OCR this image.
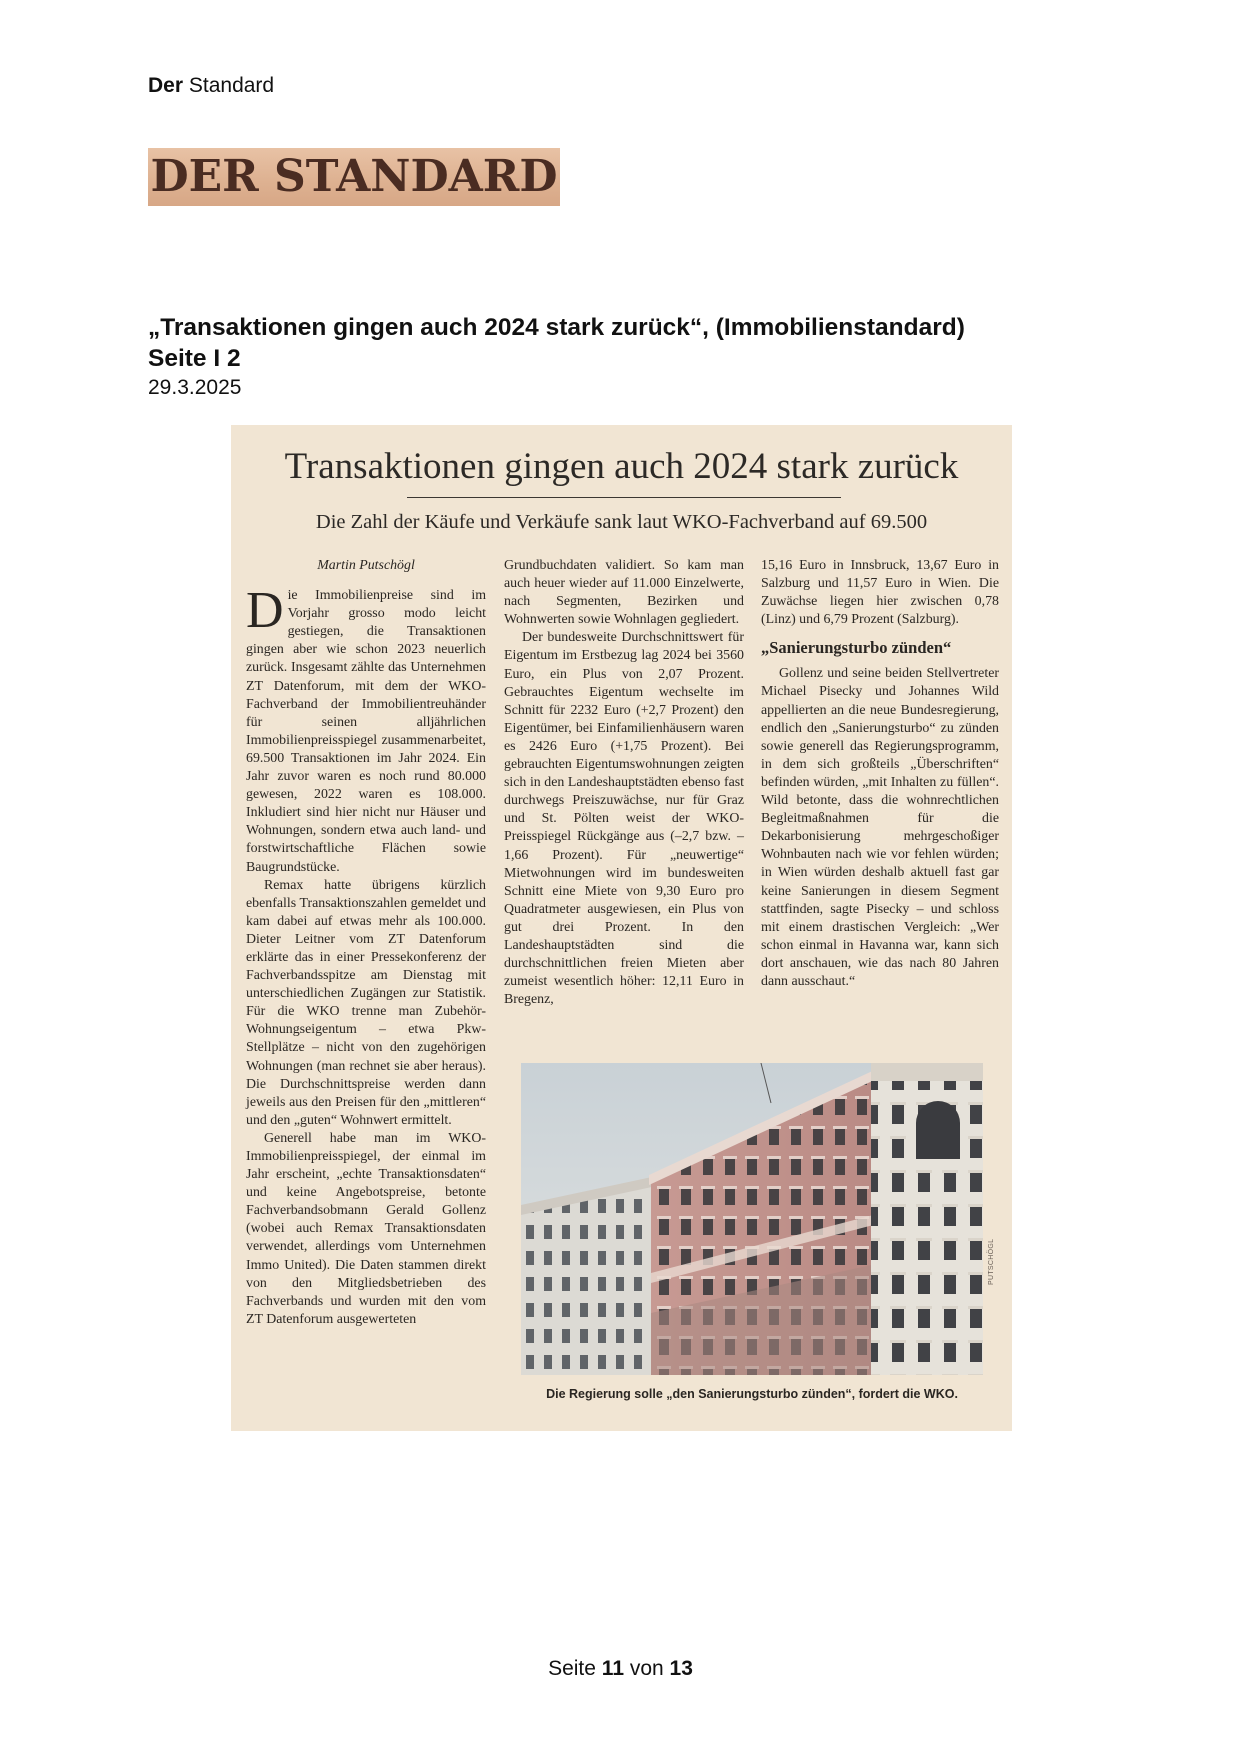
Der Standard
DER STANDARD
„Transaktionen gingen auch 2024 stark zurück“, (Immobilienstandard)
Seite I 2
29.3.2025
Transaktionen gingen auch 2024 stark zurück
Die Zahl der Käufe und Verkäufe sank laut WKO-Fachverband auf 69.500
Martin Putschögl

Die Immobilienpreise sind im Vorjahr grosso modo leicht gestiegen, die Transaktionen gingen aber wie schon 2023 neuerlich zurück. Insgesamt zählte das Unternehmen ZT Datenforum, mit dem der WKO-Fachverband der Immobilientreuhänder für seinen alljährlichen Immobilienpreisspiegel zusammenarbeitet, 69.500 Transaktionen im Jahr 2024. Ein Jahr zuvor waren es noch rund 80.000 gewesen, 2022 waren es 108.000. Inkludiert sind hier nicht nur Häuser und Wohnungen, sondern etwa auch land- und forstwirtschaftliche Flächen sowie Baugrundstücke.

Remax hatte übrigens kürzlich ebenfalls Transaktionszahlen gemeldet und kam dabei auf etwas mehr als 100.000. Dieter Leitner vom ZT Datenforum erklärte das in einer Pressekonferenz der Fachverbandsspitze am Dienstag mit unterschiedlichen Zugängen zur Statistik. Für die WKO trenne man Zubehör-Wohnungseigentum – etwa Pkw-Stellplätze – nicht von den zugehörigen Wohnungen (man rechnet sie aber heraus). Die Durchschnittspreise werden dann jeweils aus den Preisen für den „mittleren“ und den „guten“ Wohnwert ermittelt.

Generell habe man im WKO-Immobilienpreisspiegel, der einmal im Jahr erscheint, „echte Transaktionsdaten“ und keine Angebotspreise, betonte Fachverbandsobmann Gerald Gollenz (wobei auch Remax Transaktionsdaten verwendet, allerdings vom Unternehmen Immo United). Die Daten stammen direkt von den Mitgliedsbetrieben des Fachverbands und wurden mit den vom ZT Datenforum ausgewerteten

Grundbuchdaten validiert. So kam man auch heuer wieder auf 11.000 Einzelwerte, nach Segmenten, Bezirken und Wohnwerten sowie Wohnlagen gegliedert.

Der bundesweite Durchschnittswert für Eigentum im Erstbezug lag 2024 bei 3560 Euro, ein Plus von 2,07 Prozent. Gebrauchtes Eigentum wechselte im Schnitt für 2232 Euro (+2,7 Prozent) den Eigentümer, bei Einfamilienhäusern waren es 2426 Euro (+1,75 Prozent). Bei gebrauchten Eigentumswohnungen zeigten sich in den Landeshauptstädten ebenso fast durchwegs Preiszuwächse, nur für Graz und St. Pölten weist der WKO-Preisspiegel Rückgänge aus (–2,7 bzw. –1,66 Prozent). Für „neuwertige“ Mietwohnungen wird im bundesweiten Schnitt eine Miete von 9,30 Euro pro Quadratmeter ausgewiesen, ein Plus von gut drei Prozent. In den Landeshauptstädten sind die durchschnittlichen freien Mieten aber zumeist wesentlich höher: 12,11 Euro in Bregenz,

15,16 Euro in Innsbruck, 13,67 Euro in Salzburg und 11,57 Euro in Wien. Die Zuwächse liegen hier zwischen 0,78 (Linz) und 6,79 Prozent (Salzburg).

„Sanierungsturbo zünden“

Gollenz und seine beiden Stellvertreter Michael Pisecky und Johannes Wild appellierten an die neue Bundesregierung, endlich den „Sanierungsturbo“ zu zünden sowie generell das Regierungsprogramm, in dem sich großteils „Überschriften“ befinden würden, „mit Inhalten zu füllen“. Wild betonte, dass die wohnrechtlichen Begleitmaßnahmen für die Dekarbonisierung mehrgeschoßiger Wohnbauten nach wie vor fehlen würden; in Wien würden deshalb aktuell fast gar keine Sanierungen in diesem Segment stattfinden, sagte Pisecky – und schloss mit einem drastischen Vergleich: „Wer schon einmal in Havanna war, kann sich dort anschauen, wie das nach 80 Jahren dann ausschaut.“

PUTSCHÖGL
Die Regierung solle „den Sanierungsturbo zünden“, fordert die WKO.
Seite 11 von 13
